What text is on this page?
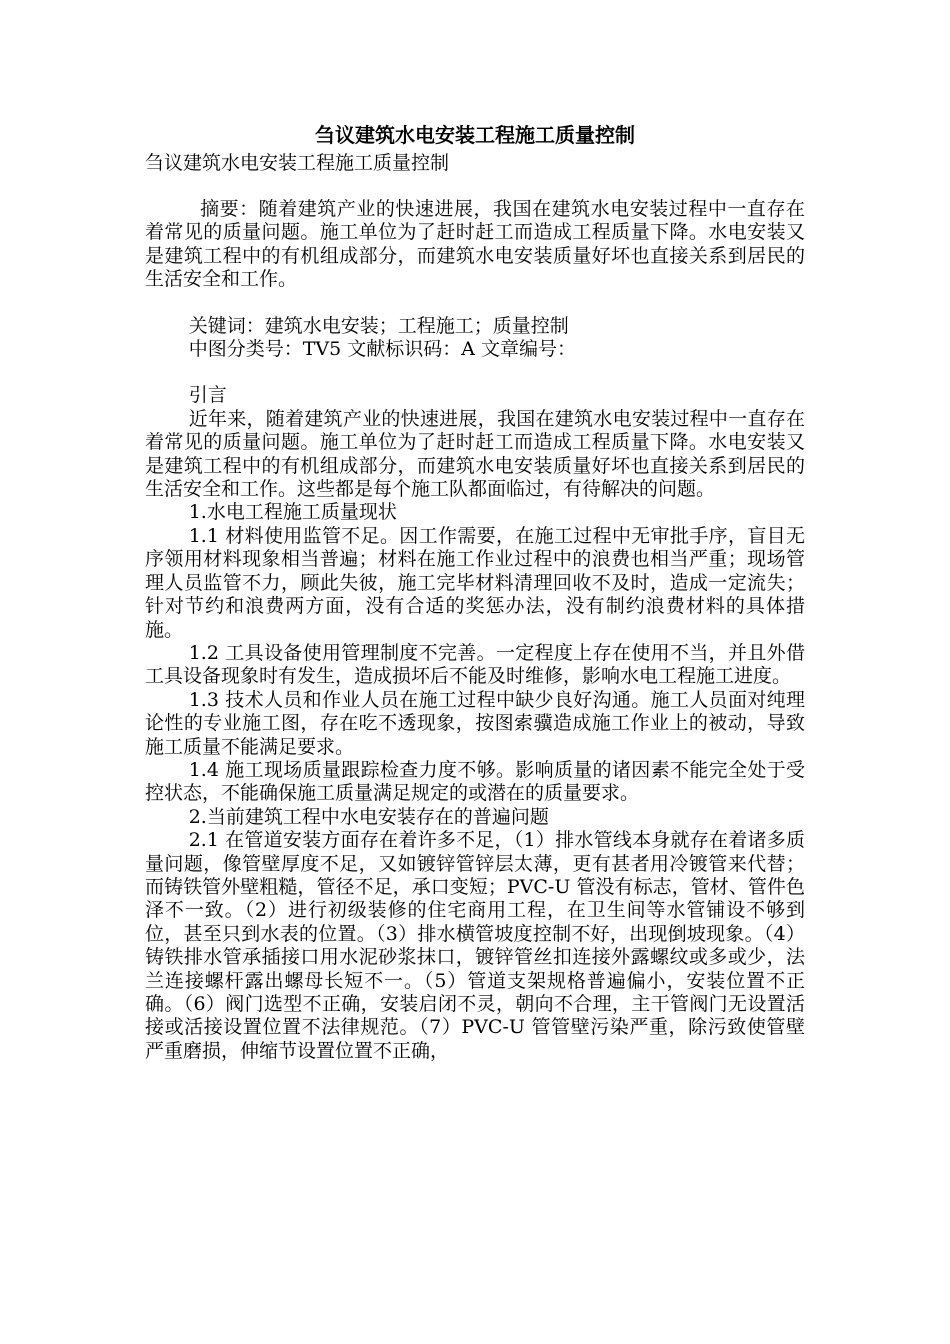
刍议建筑水电安装工程施工质量控制

刍议建筑水电安装工程施工质量控制

摘要：随着建筑产业的快速进展，我国在建筑水电安装过程中一直存在着常见的质量问题。施工单位为了赶时赶工而造成工程质量下降。水电安装又是建筑工程中的有机组成部分，而建筑水电安装质量好坏也直接关系到居民的生活安全和工作。

关键词：建筑水电安装；工程施工；质量控制

中图分类号：TV5 文献标识码：A 文章编号：

引言

近年来，随着建筑产业的快速进展，我国在建筑水电安装过程中一直存在着常见的质量问题。施工单位为了赶时赶工而造成工程质量下降。水电安装又是建筑工程中的有机组成部分，而建筑水电安装质量好坏也直接关系到居民的生活安全和工作。这些都是每个施工队都面临过，有待解决的问题。

1.水电工程施工质量现状

1.1 材料使用监管不足。因工作需要，在施工过程中无审批手序，盲目无序领用材料现象相当普遍；材料在施工作业过程中的浪费也相当严重；现场管理人员监管不力，顾此失彼，施工完毕材料清理回收不及时，造成一定流失；针对节约和浪费两方面，没有合适的奖惩办法，没有制约浪费材料的具体措施。

1.2 工具设备使用管理制度不完善。一定程度上存在使用不当，并且外借工具设备现象时有发生，造成损坏后不能及时维修，影响水电工程施工进度。

1.3 技术人员和作业人员在施工过程中缺少良好沟通。施工人员面对纯理论性的专业施工图，存在吃不透现象，按图索骥造成施工作业上的被动，导致施工质量不能满足要求。

1.4 施工现场质量跟踪检查力度不够。影响质量的诸因素不能完全处于受控状态，不能确保施工质量满足规定的或潜在的质量要求。

2.当前建筑工程中水电安装存在的普遍问题

2.1 在管道安装方面存在着许多不足，（1）排水管线本身就存在着诸多质量问题，像管壁厚度不足，又如镀锌管锌层太薄，更有甚者用冷镀管来代替；而铸铁管外壁粗糙，管径不足，承口变短；PVC-U 管没有标志，管材、管件色泽不一致。（2）进行初级装修的住宅商用工程，在卫生间等水管铺设不够到位，甚至只到水表的位置。（3）排水横管坡度控制不好，出现倒坡现象。（4）铸铁排水管承插接口用水泥砂浆抹口，镀锌管丝扣连接外露螺纹或多或少，法兰连接螺杆露出螺母长短不一。（5）管道支架规格普遍偏小，安装位置不正确。（6）阀门选型不正确，安装启闭不灵，朝向不合理，主干管阀门无设置活接或活接设置位置不法律规范。（7）PVC-U 管管壁污染严重，除污致使管壁严重磨损，伸缩节设置位置不正确，
